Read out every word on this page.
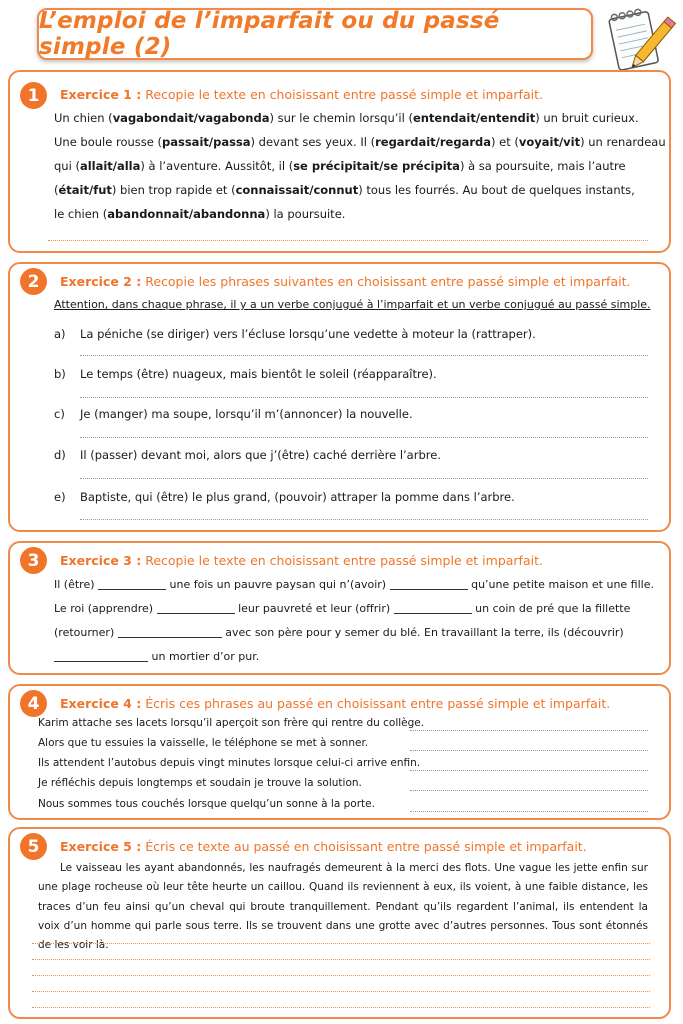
L’emploi de l’imparfait ou du passé simple (2)
1	Exercice 1 : Recopie le texte en choisissant entre passé simple et imparfait.
Un chien (vagabondait/vagabonda) sur le chemin lorsqu’il (entendait/entendit) un bruit curieux.
Une boule rousse (passait/passa) devant ses yeux. Il (regardait/regarda) et (voyait/vit) un renardeau
qui (allait/alla) à l’aventure. Aussitôt, il (se précipitait/se précipita) à sa poursuite, mais l’autre
(était/fut) bien trop rapide et (connaissait/connut) tous les fourrés. Au bout de quelques instants,
le chien (abandonnait/abandonna) la poursuite.
2	Exercice 2 : Recopie les phrases suivantes en choisissant entre passé simple et imparfait.
Attention, dans chaque phrase, il y a un verbe conjugué à l’imparfait et un verbe conjugué au passé simple.
a) La péniche (se diriger) vers l’écluse lorsqu’une vedette à moteur la (rattraper).
b) Le temps (être) nuageux, mais bientôt le soleil (réapparaître).
c) Je (manger) ma soupe, lorsqu’il m’(annoncer) la nouvelle.
d) Il (passer) devant moi, alors que j’(être) caché derrière l’arbre.
e) Baptiste, qui (être) le plus grand, (pouvoir) attraper la pomme dans l’arbre.
3	Exercice 3 : Recopie le texte en choisissant entre passé simple et imparfait.
Il (être)	une fois un pauvre paysan qui n’(avoir)	qu’une petite maison et une fille.
Le roi (apprendre)	leur pauvreté et leur (offrir)	un coin de pré que la fillette
(retourner)	avec son père pour y semer du blé. En travaillant la terre, ils (découvrir)
un mortier d’or pur.
4	Exercice 4 : Écris ces phrases au passé en choisissant entre passé simple et imparfait.
Karim attache ses lacets lorsqu’il aperçoit son frère qui rentre du collège.
Alors que tu essuies la vaisselle, le téléphone se met à sonner.
Ils attendent l’autobus depuis vingt minutes lorsque celui-ci arrive enfin.
Je réfléchis depuis longtemps et soudain je trouve la solution.
Nous sommes tous couchés lorsque quelqu’un sonne à la porte.
5	Exercice 5 : Écris ce texte au passé en choisissant entre passé simple et imparfait.
Le vaisseau les ayant abandonnés, les naufragés demeurent à la merci des flots. Une vague les jette enfin sur une plage rocheuse où leur tête heurte un caillou. Quand ils reviennent à eux, ils voient, à une faible distance, les traces d’un feu ainsi qu’un cheval qui broute tranquillement. Pendant qu’ils regardent l’animal, ils entendent la voix d’un homme qui parle sous terre. Ils se trouvent dans une grotte avec d’autres personnes. Tous sont étonnés de les voir là.
